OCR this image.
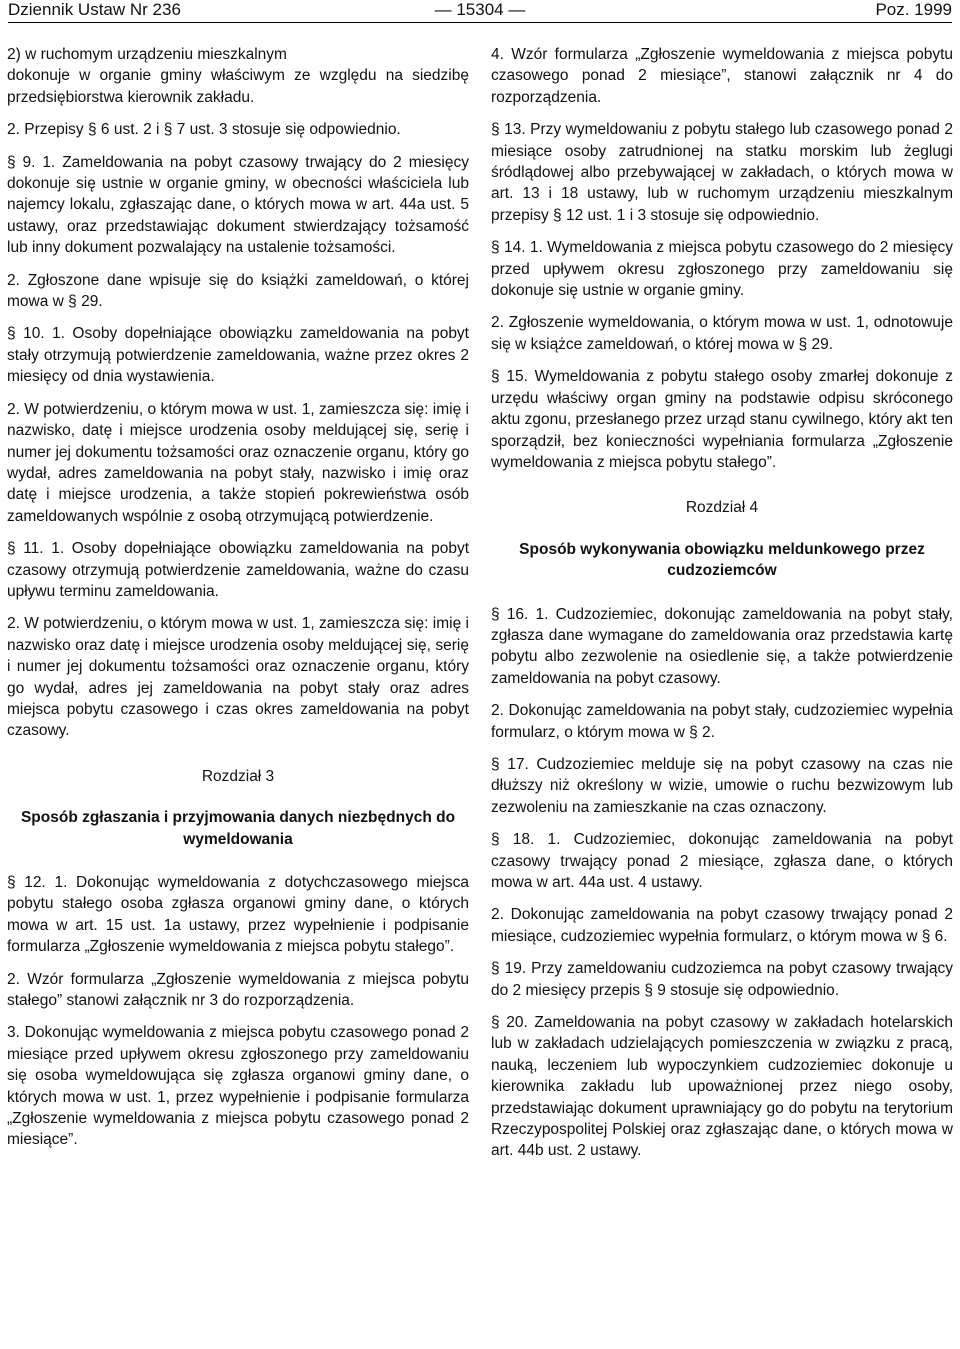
Dziennik Ustaw Nr 236	— 15304 —	Poz. 1999

2) w ruchomym urządzeniu mieszkalnym

dokonuje w organie gminy właściwym ze względu na siedzibę przedsiębiorstwa kierownik zakładu.

2. Przepisy § 6 ust. 2 i § 7 ust. 3 stosuje się odpowiednio.

§ 9. 1. Zameldowania na pobyt czasowy trwający do 2 miesięcy dokonuje się ustnie w organie gminy, w obecności właściciela lub najemcy lokalu, zgłaszając dane, o których mowa w art. 44a ust. 5 ustawy, oraz przedstawiając dokument stwierdzający tożsamość lub inny dokument pozwalający na ustalenie tożsamości.

2. Zgłoszone dane wpisuje się do książki zameldowań, o której mowa w § 29.

§ 10. 1. Osoby dopełniające obowiązku zameldowania na pobyt stały otrzymują potwierdzenie zameldowania, ważne przez okres 2 miesięcy od dnia wystawienia.

2. W potwierdzeniu, o którym mowa w ust. 1, zamieszcza się: imię i nazwisko, datę i miejsce urodzenia osoby meldującej się, serię i numer jej dokumentu tożsamości oraz oznaczenie organu, który go wydał, adres zameldowania na pobyt stały, nazwisko i imię oraz datę i miejsce urodzenia, a także stopień pokrewieństwa osób zameldowanych wspólnie z osobą otrzymującą potwierdzenie.

§ 11. 1. Osoby dopełniające obowiązku zameldowania na pobyt czasowy otrzymują potwierdzenie zameldowania, ważne do czasu upływu terminu zameldowania.

2. W potwierdzeniu, o którym mowa w ust. 1, zamieszcza się: imię i nazwisko oraz datę i miejsce urodzenia osoby meldującej się, serię i numer jej dokumentu tożsamości oraz oznaczenie organu, który go wydał, adres jej zameldowania na pobyt stały oraz adres miejsca pobytu czasowego i czas okres zameldowania na pobyt czasowy.

Rozdział 3

Sposób zgłaszania i przyjmowania danych niezbędnych do wymeldowania

§ 12. 1. Dokonując wymeldowania z dotychczasowego miejsca pobytu stałego osoba zgłasza organowi gminy dane, o których mowa w art. 15 ust. 1a ustawy, przez wypełnienie i podpisanie formularza „Zgłoszenie wymeldowania z miejsca pobytu stałego”.

2. Wzór formularza „Zgłoszenie wymeldowania z miejsca pobytu stałego” stanowi załącznik nr 3 do rozporządzenia.

3. Dokonując wymeldowania z miejsca pobytu czasowego ponad 2 miesiące przed upływem okresu zgłoszonego przy zameldowaniu się osoba wymeldowująca się zgłasza organowi gminy dane, o których mowa w ust. 1, przez wypełnienie i podpisanie formularza „Zgłoszenie wymeldowania z miejsca pobytu czasowego ponad 2 miesiące”.

4. Wzór formularza „Zgłoszenie wymeldowania z miejsca pobytu czasowego ponad 2 miesiące”, stanowi załącznik nr 4 do rozporządzenia.

§ 13. Przy wymeldowaniu z pobytu stałego lub czasowego ponad 2 miesiące osoby zatrudnionej na statku morskim lub żeglugi śródlądowej albo przebywającej w zakładach, o których mowa w art. 13 i 18 ustawy, lub w ruchomym urządzeniu mieszkalnym przepisy § 12 ust. 1 i 3 stosuje się odpowiednio.

§ 14. 1. Wymeldowania z miejsca pobytu czasowego do 2 miesięcy przed upływem okresu zgłoszonego przy zameldowaniu się dokonuje się ustnie w organie gminy.

2. Zgłoszenie wymeldowania, o którym mowa w ust. 1, odnotowuje się w książce zameldowań, o której mowa w § 29.

§ 15. Wymeldowania z pobytu stałego osoby zmarłej dokonuje z urzędu właściwy organ gminy na podstawie odpisu skróconego aktu zgonu, przesłanego przez urząd stanu cywilnego, który akt ten sporządził, bez konieczności wypełniania formularza „Zgłoszenie wymeldowania z miejsca pobytu stałego”.

Rozdział 4

Sposób wykonywania obowiązku meldunkowego przez cudzoziemców

§ 16. 1. Cudzoziemiec, dokonując zameldowania na pobyt stały, zgłasza dane wymagane do zameldowania oraz przedstawia kartę pobytu albo zezwolenie na osiedlenie się, a także potwierdzenie zameldowania na pobyt czasowy.

2. Dokonując zameldowania na pobyt stały, cudzoziemiec wypełnia formularz, o którym mowa w § 2.

§ 17. Cudzoziemiec melduje się na pobyt czasowy na czas nie dłuższy niż określony w wizie, umowie o ruchu bezwizowym lub zezwoleniu na zamieszkanie na czas oznaczony.

§ 18. 1. Cudzoziemiec, dokonując zameldowania na pobyt czasowy trwający ponad 2 miesiące, zgłasza dane, o których mowa w art. 44a ust. 4 ustawy.

2. Dokonując zameldowania na pobyt czasowy trwający ponad 2 miesiące, cudzoziemiec wypełnia formularz, o którym mowa w § 6.

§ 19. Przy zameldowaniu cudzoziemca na pobyt czasowy trwający do 2 miesięcy przepis § 9 stosuje się odpowiednio.

§ 20. Zameldowania na pobyt czasowy w zakładach hotelarskich lub w zakładach udzielających pomieszczenia w związku z pracą, nauką, leczeniem lub wypoczynkiem cudzoziemiec dokonuje u kierownika zakładu lub upoważnionej przez niego osoby, przedstawiając dokument uprawniający go do pobytu na terytorium Rzeczypospolitej Polskiej oraz zgłaszając dane, o których mowa w art. 44b ust. 2 ustawy.
